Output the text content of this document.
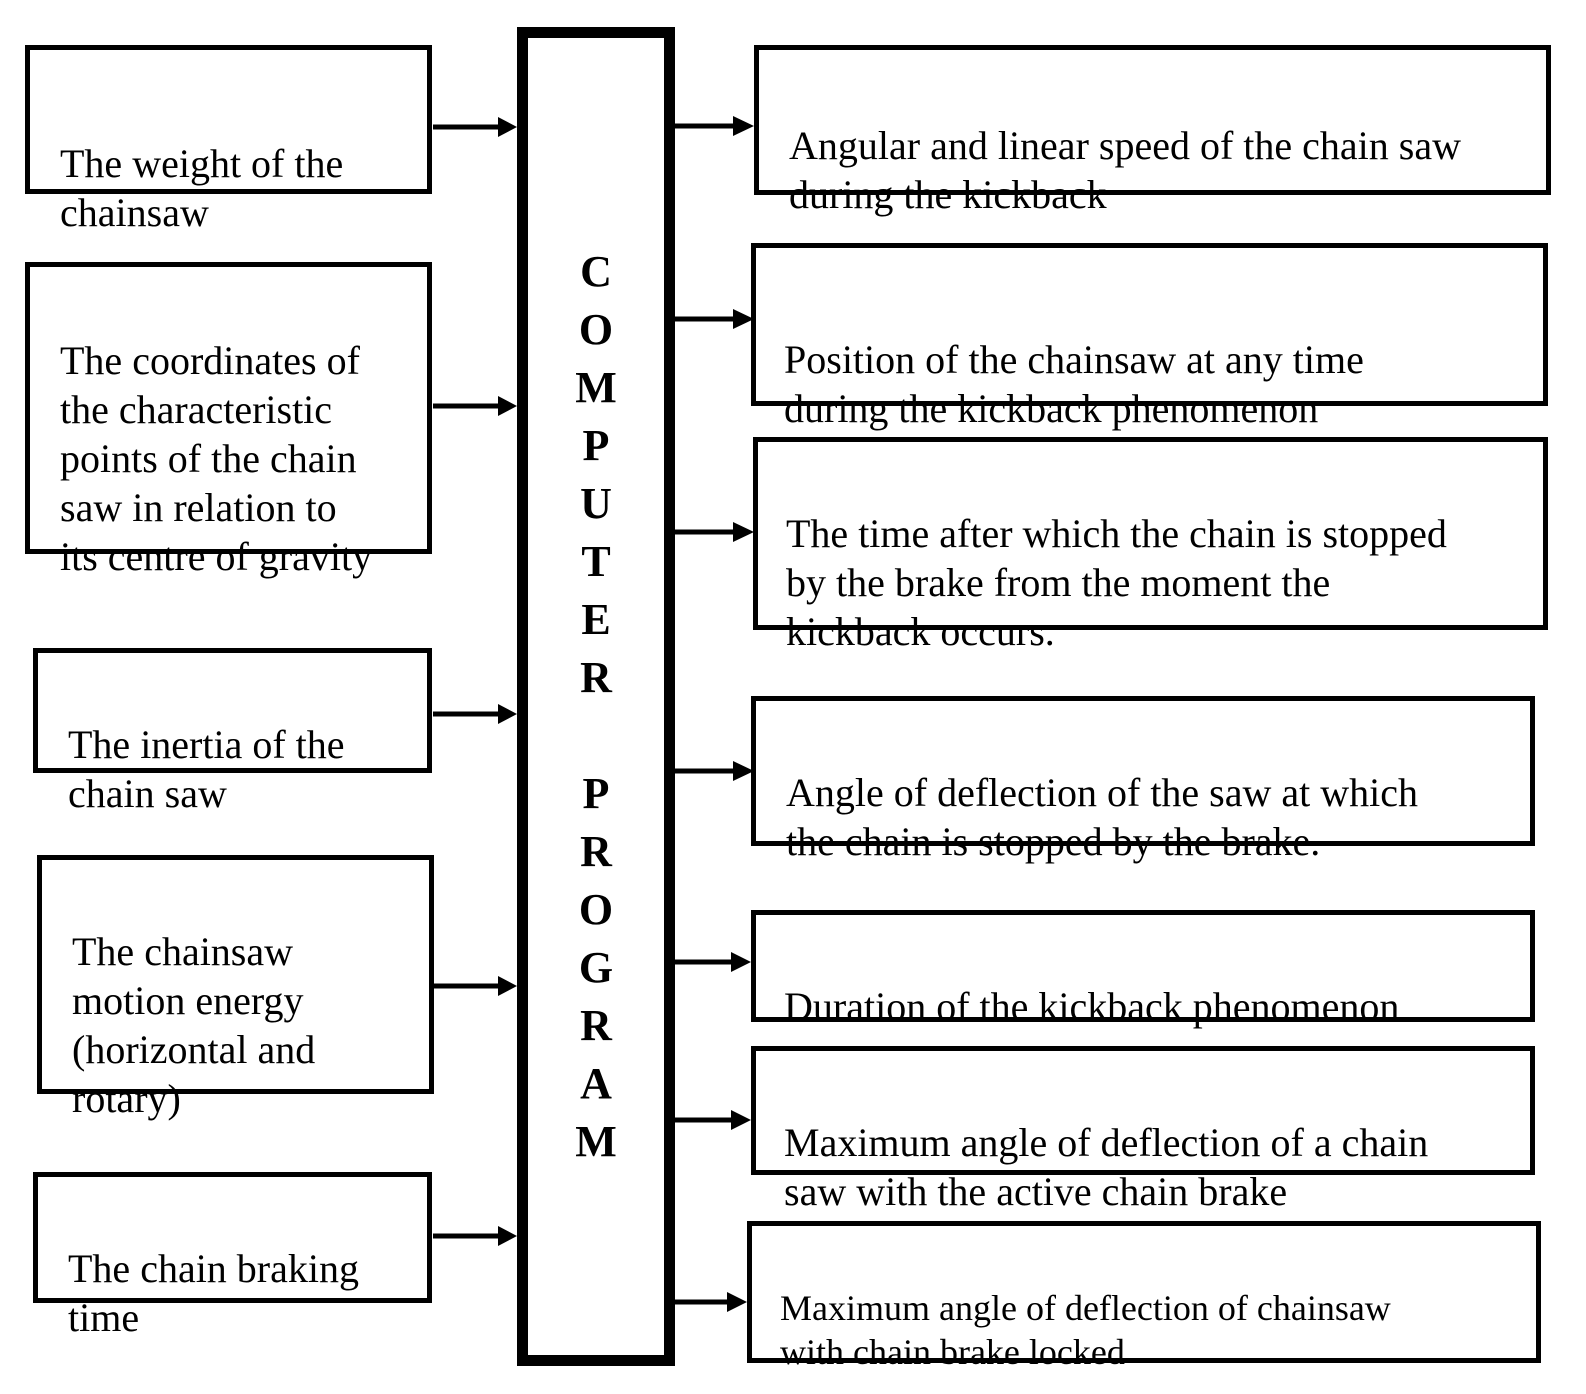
The weight of the
chainsaw

The coordinates of
the characteristic
points of the chain
saw in relation to
its centre of gravity

The inertia of the
chain saw

The chainsaw
motion energy
(horizontal and
rotary)

The chain braking
time

C
O
M
P
U
T
E
R

P
R
O
G
R
A
M

Angular and linear speed of the chain saw
during the kickback

Position of the chainsaw at any time
during the kickback phenomenon

The time after which the chain is stopped
by the brake from the moment the
kickback occurs.

Angle of deflection of the saw at which
the chain is stopped by the brake.

Duration of the kickback phenomenon

Maximum angle of deflection of a chain
saw with the active chain brake

Maximum angle of deflection of chainsaw
with chain brake locked
